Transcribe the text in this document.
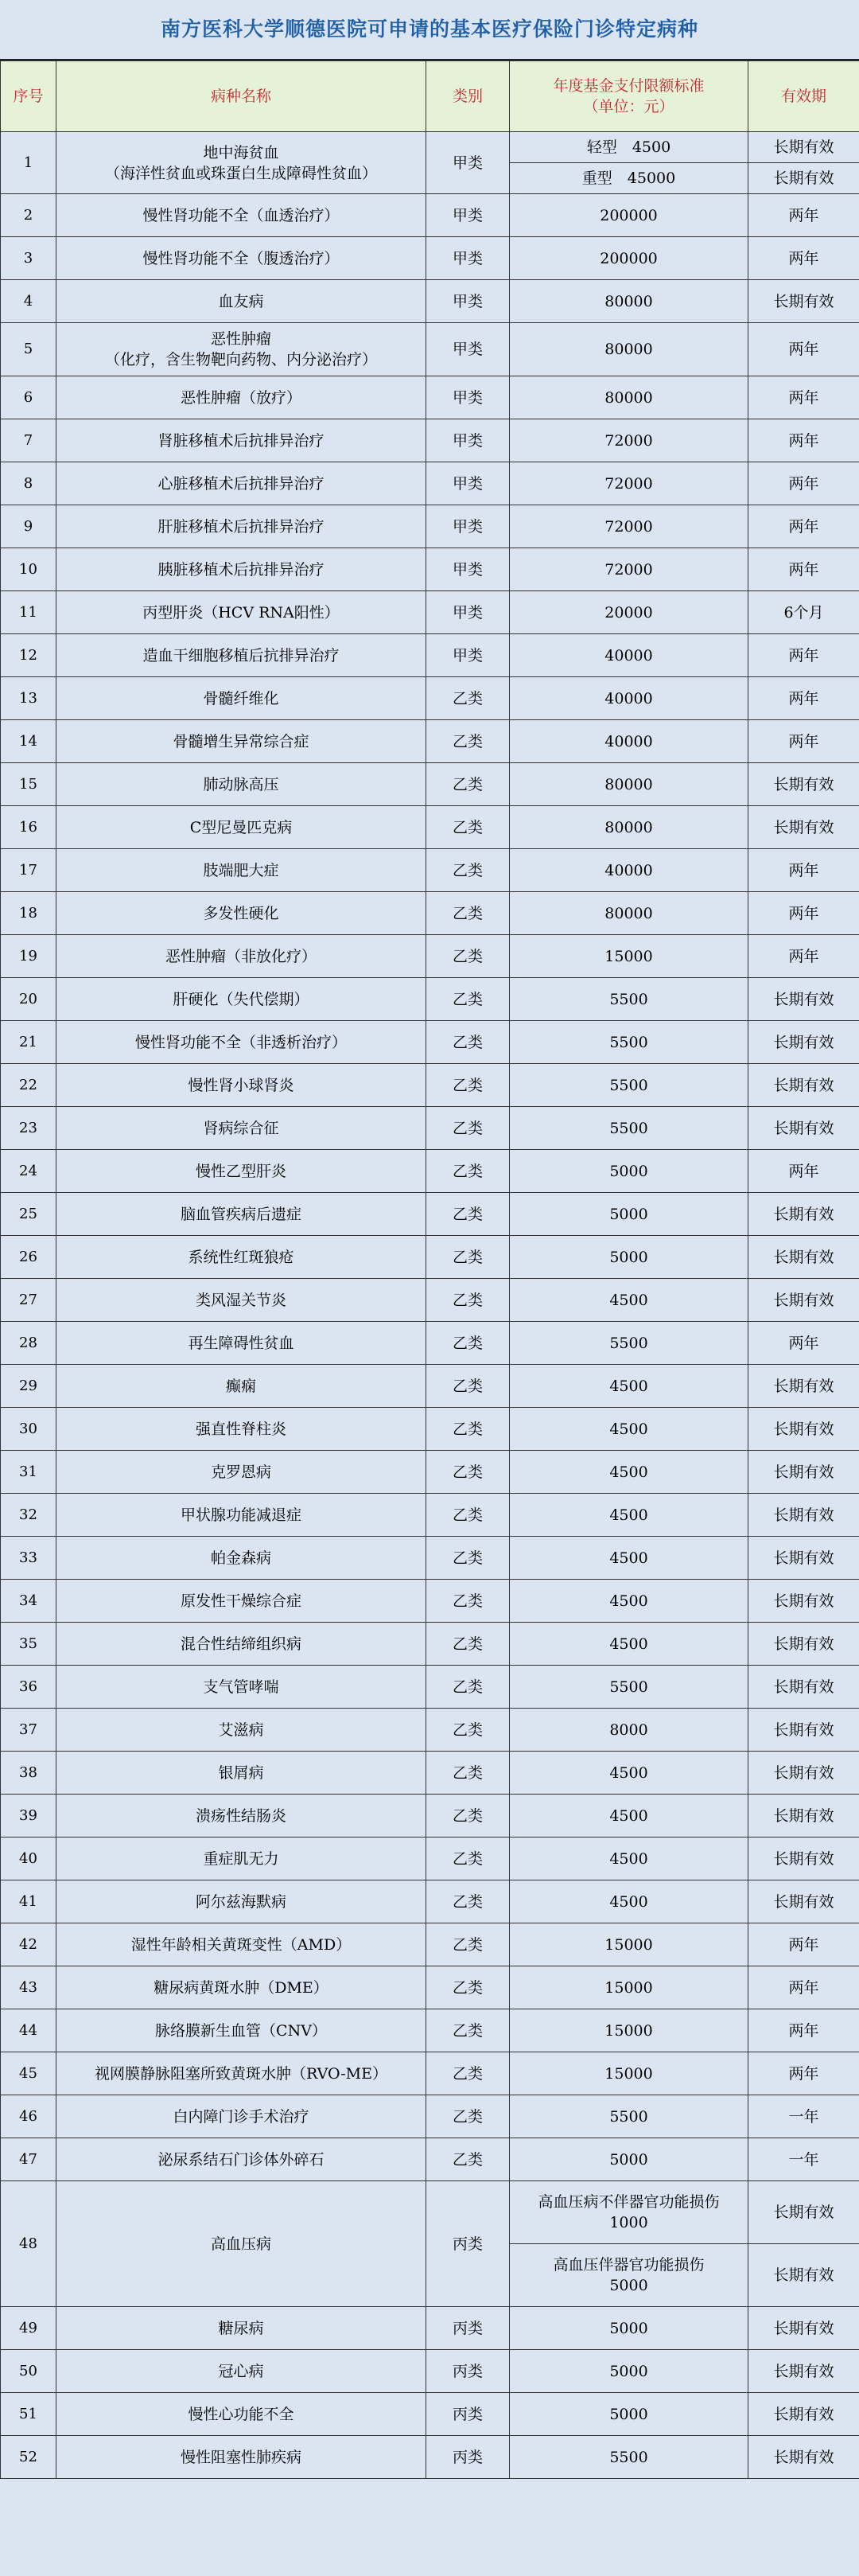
南方医科大学顺德医院可申请的基本医疗保险门诊特定病种
序号	病种名称	类别	年度基金支付限额标准
（单位：元）	有效期
1	地中海贫血
（海洋性贫血或珠蛋白生成障碍性贫血）	甲类	轻型　4500	长期有效
			重型　45000	长期有效
2	慢性肾功能不全（血透治疗）	甲类	200000	两年
3	慢性肾功能不全（腹透治疗）	甲类	200000	两年
4	血友病	甲类	80000	长期有效
5	恶性肿瘤
（化疗，含生物靶向药物、内分泌治疗）	甲类	80000	两年
6	恶性肿瘤（放疗）	甲类	80000	两年
7	肾脏移植术后抗排异治疗	甲类	72000	两年
8	心脏移植术后抗排异治疗	甲类	72000	两年
9	肝脏移植术后抗排异治疗	甲类	72000	两年
10	胰脏移植术后抗排异治疗	甲类	72000	两年
11	丙型肝炎（HCV RNA阳性）	甲类	20000	6个月
12	造血干细胞移植后抗排异治疗	甲类	40000	两年
13	骨髓纤维化	乙类	40000	两年
14	骨髓增生异常综合症	乙类	40000	两年
15	肺动脉高压	乙类	80000	长期有效
16	C型尼曼匹克病	乙类	80000	长期有效
17	肢端肥大症	乙类	40000	两年
18	多发性硬化	乙类	80000	两年
19	恶性肿瘤（非放化疗）	乙类	15000	两年
20	肝硬化（失代偿期）	乙类	5500	长期有效
21	慢性肾功能不全（非透析治疗）	乙类	5500	长期有效
22	慢性肾小球肾炎	乙类	5500	长期有效
23	肾病综合征	乙类	5500	长期有效
24	慢性乙型肝炎	乙类	5000	两年
25	脑血管疾病后遗症	乙类	5000	长期有效
26	系统性红斑狼疮	乙类	5000	长期有效
27	类风湿关节炎	乙类	4500	长期有效
28	再生障碍性贫血	乙类	5500	两年
29	癫痫	乙类	4500	长期有效
30	强直性脊柱炎	乙类	4500	长期有效
31	克罗恩病	乙类	4500	长期有效
32	甲状腺功能减退症	乙类	4500	长期有效
33	帕金森病	乙类	4500	长期有效
34	原发性干燥综合症	乙类	4500	长期有效
35	混合性结缔组织病	乙类	4500	长期有效
36	支气管哮喘	乙类	5500	长期有效
37	艾滋病	乙类	8000	长期有效
38	银屑病	乙类	4500	长期有效
39	溃疡性结肠炎	乙类	4500	长期有效
40	重症肌无力	乙类	4500	长期有效
41	阿尔兹海默病	乙类	4500	长期有效
42	湿性年龄相关黄斑变性（AMD）	乙类	15000	两年
43	糖尿病黄斑水肿（DME）	乙类	15000	两年
44	脉络膜新生血管（CNV）	乙类	15000	两年
45	视网膜静脉阻塞所致黄斑水肿（RVO-ME）	乙类	15000	两年
46	白内障门诊手术治疗	乙类	5500	一年
47	泌尿系结石门诊体外碎石	乙类	5000	一年
48	高血压病	丙类	高血压病不伴器官功能损伤
1000	长期有效

			高血压伴器官功能损伤
5000	长期有效
49	糖尿病	丙类	5000	长期有效
50	冠心病	丙类	5000	长期有效
51	慢性心功能不全	丙类	5000	长期有效
52	慢性阻塞性肺疾病	丙类	5500	长期有效
